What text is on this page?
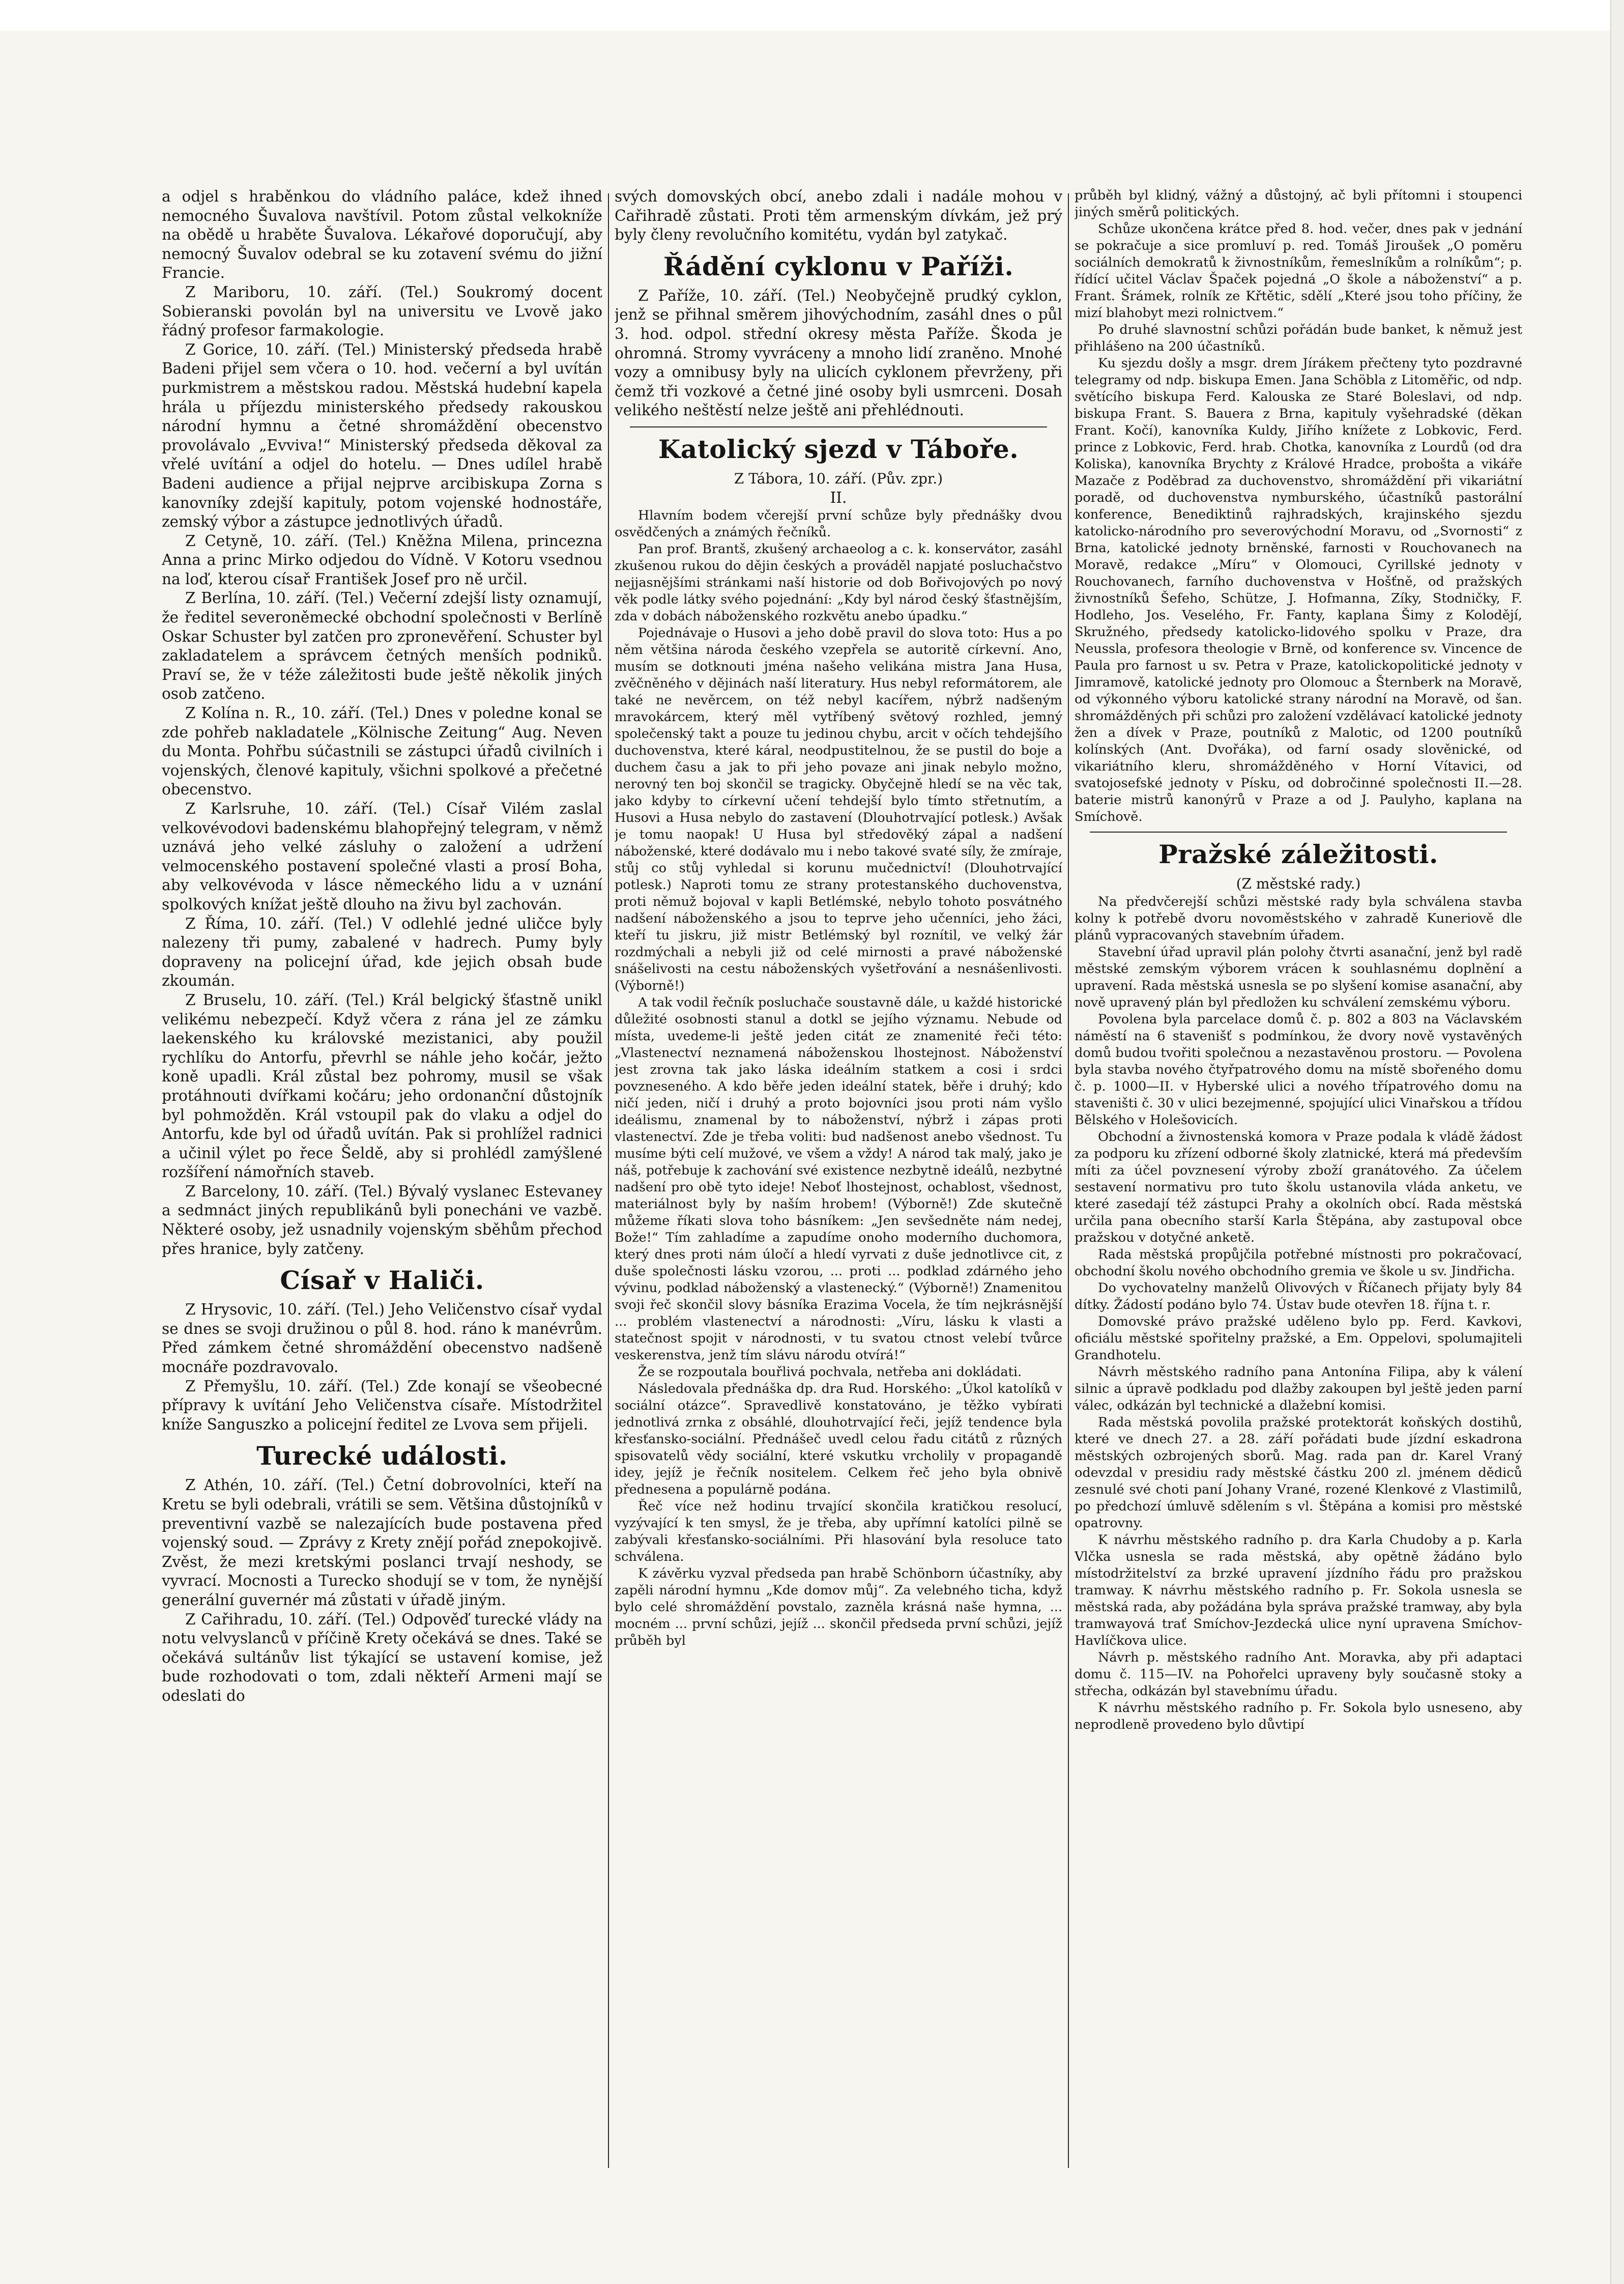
a odjel s hraběnkou do vládního paláce, kdež ihned nemocného Šuvalova navštívil. Potom zůstal velkokníže na obědě u hraběte Šuvalova. Lékařové doporučují, aby nemocný Šuvalov odebral se ku zotavení svému do jižní Francie.

Z Mariboru, 10. září. (Tel.) Soukromý docent Sobieranski povolán byl na universitu ve Lvově jako řádný profesor farmakologie.

Z Gorice, 10. září. (Tel.) Ministerský předseda hrabě Badeni přijel sem včera o 10. hod. večerní a byl uvítán purkmistrem a městskou radou. Městská hudební kapela hrála u příjezdu ministerského předsedy rakouskou národní hymnu a četné shromáždění obecenstvo provolávalo „Evviva!“ Ministerský předseda děkoval za vřelé uvítání a odjel do hotelu. — Dnes udílel hrabě Badeni audience a přijal nejprve arcibiskupa Zorna s kanovníky zdejší kapituly, potom vojenské hodnostáře, zemský výbor a zástupce jednotlivých úřadů.

Z Cetyně, 10. září. (Tel.) Kněžna Milena, princezna Anna a princ Mirko odjedou do Vídně. V Kotoru vsednou na loď, kterou císař František Josef pro ně určil.

Z Berlína, 10. září. (Tel.) Večerní zdejší listy oznamují, že ředitel severoněmecké obchodní společnosti v Berlíně Oskar Schuster byl zatčen pro zpronevěření. Schuster byl zakladatelem a správcem četných menších podniků. Praví se, že v téže záležitosti bude ještě několik jiných osob zatčeno.

Z Kolína n. R., 10. září. (Tel.) Dnes v poledne konal se zde pohřeb nakladatele „Kölnische Zeitung“ Aug. Neven du Monta. Pohřbu súčastnili se zástupci úřadů civilních i vojenských, členové kapituly, všichni spolkové a přečetné obecenstvo.

Z Karlsruhe, 10. září. (Tel.) Císař Vilém zaslal velkovévodovi badenskému blahopřejný telegram, v němž uznává jeho velké zásluhy o založení a udržení velmocenského postavení společné vlasti a prosí Boha, aby velkovévoda v lásce německého lidu a v uznání spolkových knížat ještě dlouho na živu byl zachován.

Z Říma, 10. září. (Tel.) V odlehlé jedné uličce byly nalezeny tři pumy, zabalené v hadrech. Pumy byly dopraveny na policejní úřad, kde jejich obsah bude zkoumán.

Z Bruselu, 10. září. (Tel.) Král belgický šťastně unikl velikému nebezpečí. Když včera z rána jel ze zámku laekenského ku královské mezistanici, aby použil rychlíku do Antorfu, převrhl se náhle jeho kočár, ježto koně upadli. Král zůstal bez pohromy, musil se však protáhnouti dvířkami kočáru; jeho ordonanční důstojník byl pohmožděn. Král vstoupil pak do vlaku a odjel do Antorfu, kde byl od úřadů uvítán. Pak si prohlížel radnici a učinil výlet po řece Šeldě, aby si prohlédl zamýšlené rozšíření námořních staveb.

Z Barcelony, 10. září. (Tel.) Bývalý vyslanec Estevaney a sedmnáct jiných republikánů byli ponecháni ve vazbě. Některé osoby, jež usnadnily vojenským sběhům přechod přes hranice, byly zatčeny.

Císař v Haliči.

Z Hrysovic, 10. září. (Tel.) Jeho Veličenstvo císař vydal se dnes se svoji družinou o půl 8. hod. ráno k manévrům. Před zámkem četné shromáždění obecenstvo nadšeně mocnáře pozdravovalo.

Z Přemyšlu, 10. září. (Tel.) Zde konají se všeobecné přípravy k uvítání Jeho Veličenstva císaře. Místodržitel kníže Sanguszko a policejní ředitel ze Lvova sem přijeli.

Turecké události.

Z Athén, 10. září. (Tel.) Četní dobrovolníci, kteří na Kretu se byli odebrali, vrátili se sem. Většina důstojníků v preventivní vazbě se nalezajících bude postavena před vojenský soud. — Zprávy z Krety znějí pořád znepokojivě. Zvěst, že mezi kretskými poslanci trvají neshody, se vyvrací. Mocnosti a Turecko shodují se v tom, že nynější generální guvernér má zůstati v úřadě jiným.

Z Cařihradu, 10. září. (Tel.) Odpověď turecké vlády na notu velvyslanců v příčině Krety očekává se dnes. Také se očekává sultánův list týkající se ustavení komise, jež bude rozhodovati o tom, zdali někteří Armeni mají se odeslati do

svých domovských obcí, anebo zdali i nadále mohou v Cařihradě zůstati. Proti těm armenským dívkám, jež prý byly členy revolučního komitétu, vydán byl zatykač.

Řádění cyklonu v Paříži.

Z Paříže, 10. září. (Tel.) Neobyčejně prudký cyklon, jenž se přihnal směrem jihovýchodním, zasáhl dnes o půl 3. hod. odpol. střední okresy města Paříže. Škoda je ohromná. Stromy vyvráceny a mnoho lidí zraněno. Mnohé vozy a omnibusy byly na ulicích cyklonem převrženy, při čemž tři vozkové a četné jiné osoby byli usmrceni. Dosah velikého neštěstí nelze ještě ani přehlédnouti.

Katolický sjezd v Táboře.

Z Tábora, 10. září. (Pův. zpr.)

II.

Hlavním bodem včerejší první schůze byly přednášky dvou osvědčených a známých řečníků.

Pan prof. Brantš, zkušený archaeolog a c. k. konservátor, zasáhl zkušenou rukou do dějin českých a prováděl napjaté posluchačstvo nejjasnějšími stránkami naší historie od dob Bořivojových po nový věk podle látky svého pojednání: „Kdy byl národ český šťastnějším, zda v dobách náboženského rozkvětu anebo úpadku.“

Pojednávaje o Husovi a jeho době pravil do slova toto: Hus a po něm většina národa českého vzepřela se autoritě církevní. Ano, musím se dotknouti jména našeho velikána mistra Jana Husa, zvěčněného v dějinách naší literatury. Hus nebyl reformátorem, ale také ne nevěrcem, on též nebyl kacířem, nýbrž nadšeným mravokárcem, který měl vytříbený světový rozhled, jemný společenský takt a pouze tu jedinou chybu, arcit v očích tehdejšího duchovenstva, které káral, neodpustitelnou, že se pustil do boje a duchem času a jak to při jeho povaze ani jinak nebylo možno, nerovný ten boj skončil se tragicky. Obyčejně hledí se na věc tak, jako kdyby to církevní učení tehdejší bylo tímto střetnutím, a Husovi a Husa nebylo do zastavení (Dlouhotrvající potlesk.) Avšak je tomu naopak! U Husa byl středověký zápal a nadšení náboženské, které dodávalo mu i nebo takové svaté síly, že zmíraje, stůj co stůj vyhledal si korunu mučednictví! (Dlouhotrvající potlesk.) Naproti tomu ze strany protestanského duchovenstva, proti němuž bojoval v kapli Betlémské, nebylo tohoto posvátného nadšení náboženského a jsou to teprve jeho učenníci, jeho žáci, kteří tu jiskru, již mistr Betlémský byl roznítil, ve velký žár rozdmýchali a nebyli již od celé mirnosti a pravé náboženské snášelivosti na cestu náboženských vyšetřování a nesnášenlivosti. (Výborně!)

A tak vodil řečník posluchače soustavně dále, u každé historické důležité osobnosti stanul a dotkl se jejího významu. Nebude od místa, uvedeme-li ještě jeden citát ze znamenité řeči této: „Vlastenectví neznamená náboženskou lhostejnost. Náboženství jest zrovna tak jako láska ideálním statkem a cosi i srdci povzneseného. A kdo běře jeden ideální statek, běře i druhý; kdo ničí jeden, ničí i druhý a proto bojovníci jsou proti nám vyšlo ideálismu, znamenal by to náboženství, nýbrž i zápas proti vlastenectví. Zde je třeba voliti: bud nadšenost anebo všednost. Tu musíme býti celí mužové, ve všem a vždy! A národ tak malý, jako je náš, potřebuje k zachování své existence nezbytně ideálů, nezbytné nadšení pro obě tyto ideje! Neboť lhostejnost, ochablost, všednost, materiálnost byly by naším hrobem! (Výborně!) Zde skutečně můžeme říkati slova toho básníkem: „Jen sevšedněte nám nedej, Bože!“ Tím zahladíme a zapudíme onoho moderního duchomora, který dnes proti nám úločí a hledí vyrvati z duše jednotlivce cit, z duše společnosti lásku vzorou, ... proti ... podklad zdárného jeho vývinu, podklad náboženský a vlastenecký.“ (Výborně!) Znamenitou svoji řeč skončil slovy básníka Erazima Vocela, že tím nejkrásnější ... problém vlastenectví a národnosti: „Víru, lásku k vlasti a statečnost spojit v národnosti, v tu svatou ctnost velebí tvůrce veskerenstva, jenž tím slávu národu otvírá!“

Že se rozpoutala bouřlivá pochvala, netřeba ani dokládati.

Následovala přednáška dp. dra Rud. Horského: „Úkol katolíků v sociální otázce“. Spravedlivě konstatováno, je těžko vybírati jednotlivá zrnka z obsáhlé, dlouhotrvající řeči, jejíž tendence byla křesťansko-sociální. Přednášeč uvedl celou řadu citátů z různých spisovatelů vědy sociální, které vskutku vrcholily v propagandě idey, jejíž je řečník nositelem. Celkem řeč jeho byla obnivě přednesena a populárně podána.

Řeč více než hodinu trvající skončila kratičkou resolucí, vyzývající k ten smysl, že je třeba, aby upřímní katolíci pilně se zabývali křesťansko-sociálními. Při hlasování byla resoluce tato schválena.

K závěrku vyzval předseda pan hrabě Schönborn účastníky, aby zapěli národní hymnu „Kde domov můj“. Za velebného ticha, když bylo celé shromáždění povstalo, zazněla krásná naše hymna, ... mocném ... první schůzi, jejíž ... skončil předseda první schůzi, jejíž průběh byl

průběh byl klidný, vážný a důstojný, ač byli přítomni i stoupenci jiných směrů politických.

Schůze ukončena krátce před 8. hod. večer, dnes pak v jednání se pokračuje a sice promluví p. red. Tomáš Jiroušek „O poměru sociálních demokratů k živnostníkům, řemeslníkům a rolníkům“; p. řídící učitel Václav Špaček pojedná „O škole a náboženství“ a p. Frant. Šrámek, rolník ze Křtětic, sdělí „Které jsou toho příčiny, že mizí blahobyt mezi rolnictvem.“

Po druhé slavnostní schůzi pořádán bude banket, k němuž jest přihlášeno na 200 účastníků.

Ku sjezdu došly a msgr. drem Jírákem přečteny tyto pozdravné telegramy od ndp. biskupa Emen. Jana Schöbla z Litoměřic, od ndp. světícího biskupa Ferd. Kalouska ze Staré Boleslavi, od ndp. biskupa Frant. S. Bauera z Brna, kapituly vyšehradské (děkan Frant. Kočí), kanovníka Kuldy, Jiřího knížete z Lobkovic, Ferd. prince z Lobkovic, Ferd. hrab. Chotka, kanovníka z Lourdů (od dra Koliska), kanovníka Brychty z Králové Hradce, probošta a vikáře Mazače z Poděbrad za duchovenstvo, shromáždění při vikariátní poradě, od duchovenstva nymburského, účastníků pastorální konference, Benediktinů rajhradských, krajinského sjezdu katolicko-národního pro severovýchodní Moravu, od „Svornosti“ z Brna, katolické jednoty brněnské, farnosti v Rouchovanech na Moravě, redakce „Míru“ v Olomouci, Cyrillské jednoty v Rouchovanech, farního duchovenstva v Hošťně, od pražských živnostníků Šefeho, Schütze, J. Hofmanna, Zíky, Stodničky, F. Hodleho, Jos. Veselého, Fr. Fanty, kaplana Šimy z Kolodějí, Skružného, předsedy katolicko-lidového spolku v Praze, dra Neussla, profesora theologie v Brně, od konference sv. Vincence de Paula pro farnost u sv. Petra v Praze, katolickopolitické jednoty v Jimramově, katolické jednoty pro Olomouc a Šternberk na Moravě, od výkonného výboru katolické strany národní na Moravě, od šan. shromážděných při schůzi pro založení vzdělávací katolické jednoty žen a dívek v Praze, poutníků z Malotic, od 1200 poutníků kolínských (Ant. Dvořáka), od farní osady slověnické, od vikariátního kleru, shromážděného v Horní Vítavici, od svatojosefské jednoty v Písku, od dobročinné společnosti II.—28. baterie mistrů kanonýrů v Praze a od J. Paulyho, kaplana na Smíchově.

Pražské záležitosti.

(Z městské rady.)

Na předvčerejší schůzi městské rady byla schválena stavba kolny k potřebě dvoru novoměstského v zahradě Kuneriově dle plánů vypracovaných stavebním úřadem.

Stavební úřad upravil plán polohy čtvrti asanační, jenž byl radě městské zemským výborem vrácen k souhlasnému doplnění a upravení. Rada městská usnesla se po slyšení komise asanační, aby nově upravený plán byl předložen ku schválení zemskému výboru.

Povolena byla parcelace domů č. p. 802 a 803 na Václavském náměstí na 6 stavenišť s podmínkou, že dvory nově vystavěných domů budou tvořiti společnou a nezastavěnou prostoru. — Povolena byla stavba nového čtyřpatrového domu na místě sbořeného domu č. p. 1000—II. v Hyberské ulici a nového třípatrového domu na staveništi č. 30 v ulici bezejmenné, spojující ulici Vinařskou a třídou Bělského v Holešovicích.

Obchodní a živnostenská komora v Praze podala k vládě žádost za podporu ku zřízení odborné školy zlatnické, která má především míti za účel povznesení výroby zboží granátového. Za účelem sestavení normativu pro tuto školu ustanovila vláda anketu, ve které zasedají též zástupci Prahy a okolních obcí. Rada městská určila pana obecního starší Karla Štěpána, aby zastupoval obce pražskou v dotyčné anketě.

Rada městská propůjčila potřebné místnosti pro pokračovací, obchodní školu nového obchodního gremia ve škole u sv. Jindřicha.

Do vychovatelny manželů Olivových v Říčanech přijaty byly 84 dítky. Žádostí podáno bylo 74. Ústav bude otevřen 18. října t. r.

Domovské právo pražské uděleno bylo pp. Ferd. Kavkovi, oficiálu městské spořitelny pražské, a Em. Oppelovi, spolumajiteli Grandhotelu.

Návrh městského radního pana Antonína Filipa, aby k válení silnic a úpravě podkladu pod dlažby zakoupen byl ještě jeden parní válec, odkázán byl technické a dlažební komisi.

Rada městská povolila pražské protektorát koňských dostihů, které ve dnech 27. a 28. září pořádati bude jízdní eskadrona městských ozbrojených sborů. Mag. rada pan dr. Karel Vraný odevzdal v presidiu rady městské částku 200 zl. jménem dědiců zesnulé své choti paní Johany Vrané, rozené Klenkové z Vlastimilů, po předchozí úmluvě sdělením s vl. Štěpána a komisi pro městské opatrovny.

K návrhu městského radního p. dra Karla Chudoby a p. Karla Vlčka usnesla se rada městská, aby opětně žádáno bylo místodržitelství za brzké upravení jízdního řádu pro pražskou tramway. K návrhu městského radního p. Fr. Sokola usnesla se městská rada, aby požádána byla správa pražské tramway, aby byla tramwayová trať Smíchov-Jezdecká ulice nyní upravena Smíchov-Havlíčkova ulice.

Návrh p. městského radního Ant. Moravka, aby při adaptaci domu č. 115—IV. na Pohořelci upraveny byly současně stoky a střecha, odkázán byl stavebnímu úřadu.

K návrhu městského radního p. Fr. Sokola bylo usneseno, aby neprodleně provedeno bylo důvtipí
